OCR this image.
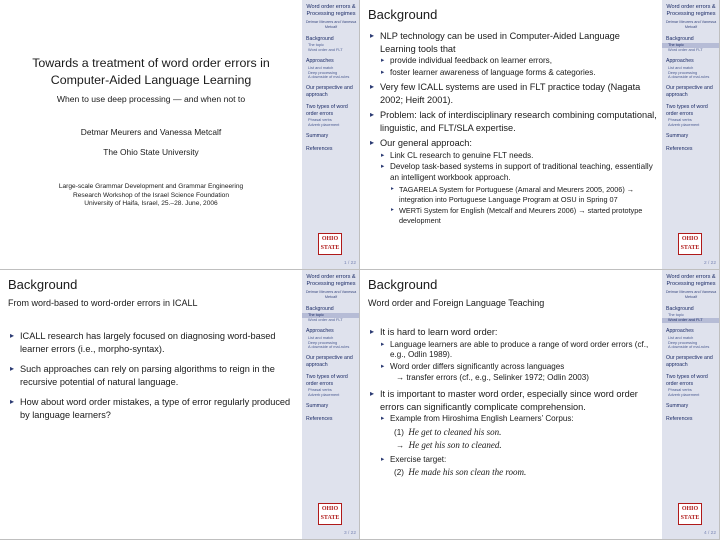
Towards a treatment of word order errors in Computer-Aided Language Learning
When to use deep processing — and when not to
Detmar Meurers and Vanessa Metcalf
The Ohio State University
Large-scale Grammar Development and Grammar Engineering
Research Workshop of the Israel Science Foundation
University of Haifa, Israel, 25.–28. June, 2006
Word order errors & Processing regimes
Detmar Meurers and Vanessa Metcalf
Background
The topic
Word order and FLT
Approaches
List and match
Deep processing
A downside of mal-rules
Our perspective and approach
Two types of word order errors
Phrasal verbs
Adverb placement
Summary
References
OHIO STATE
1 / 22
Background
▸ NLP technology can be used in Computer-Aided Language Learning tools that
▸ provide individual feedback on learner errors,
▸ foster learner awareness of language forms & categories.
▸ Very few ICALL systems are used in FLT practice today (Nagata 2002; Heift 2001).
▸ Problem: lack of interdisciplinary research combining computational, linguistic, and FLT/SLA expertise.
▸ Our general approach:
▸ Link CL research to genuine FLT needs.
▸ Develop task-based systems in support of traditional teaching, essentially an intelligent workbook approach.
▸ TAGARELA System for Portuguese (Amaral and Meurers 2005, 2006) → integration into Portuguese Language Program at OSU in Spring 07
▸ WERTi System for English (Metcalf and Meurers 2006) → started prototype development
Word order errors & Processing regimes
Detmar Meurers and Vanessa Metcalf
Background
The topic
Word order and FLT
Approaches
List and match
Deep processing
A downside of mal-rules
Our perspective and approach
Two types of word order errors
Phrasal verbs
Adverb placement
Summary
References
OHIO STATE
2 / 22
Background
From word-based to word-order errors in ICALL
▸ ICALL research has largely focused on diagnosing word-based learner errors (i.e., morpho-syntax).
▸ Such approaches can rely on parsing algorithms to reign in the recursive potential of natural language.
▸ How about word order mistakes, a type of error regularly produced by language learners?
Word order errors & Processing regimes
Detmar Meurers and Vanessa Metcalf
Background
The topic
Word order and FLT
Approaches
List and match
Deep processing
A downside of mal-rules
Our perspective and approach
Two types of word order errors
Phrasal verbs
Adverb placement
Summary
References
OHIO STATE
3 / 22
Background
Word order and Foreign Language Teaching
▸ It is hard to learn word order:
▸ Language learners are able to produce a range of word order errors (cf., e.g., Odlin 1989).
▸ Word order differs significantly across languages
→ transfer errors (cf., e.g., Selinker 1972; Odlin 2003)
▸ It is important to master word order, especially since word order errors can significantly complicate comprehension.
▸ Example from Hiroshima English Learners’ Corpus:
(1) He get to cleaned his son.
→ He get his son to cleaned.
▸ Exercise target:
(2) He made his son clean the room.
Word order errors & Processing regimes
Detmar Meurers and Vanessa Metcalf
Background
The topic
Word order and FLT
Approaches
List and match
Deep processing
A downside of mal-rules
Our perspective and approach
Two types of word order errors
Phrasal verbs
Adverb placement
Summary
References
OHIO STATE
4 / 22
